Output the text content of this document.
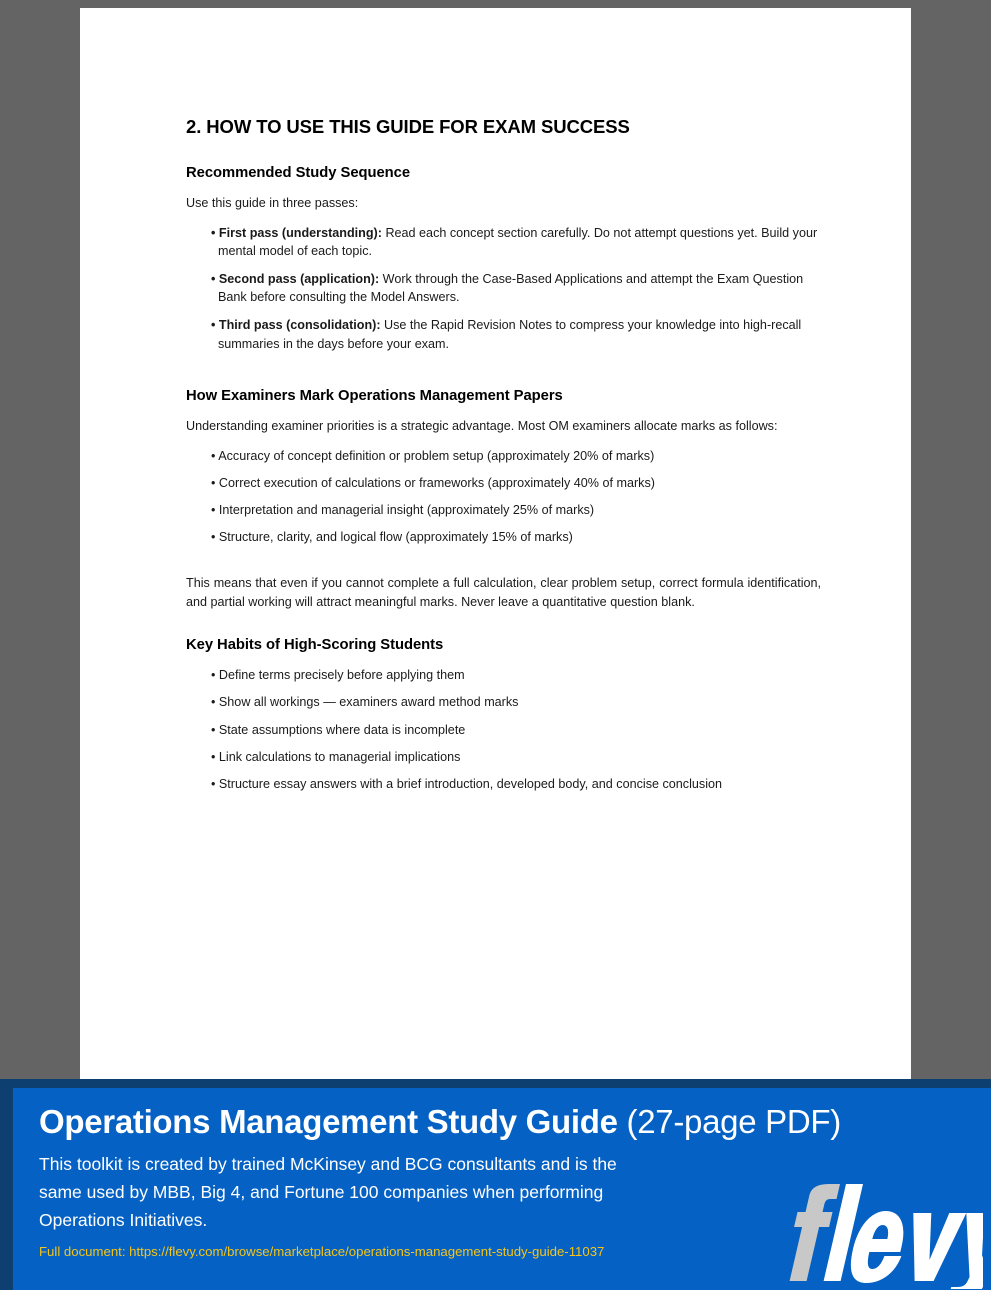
2. HOW TO USE THIS GUIDE FOR EXAM SUCCESS
Recommended Study Sequence
Use this guide in three passes:
• First pass (understanding): Read each concept section carefully. Do not attempt questions yet. Build your mental model of each topic.
• Second pass (application): Work through the Case-Based Applications and attempt the Exam Question Bank before consulting the Model Answers.
• Third pass (consolidation): Use the Rapid Revision Notes to compress your knowledge into high-recall summaries in the days before your exam.
How Examiners Mark Operations Management Papers
Understanding examiner priorities is a strategic advantage. Most OM examiners allocate marks as follows:
• Accuracy of concept definition or problem setup (approximately 20% of marks)
• Correct execution of calculations or frameworks (approximately 40% of marks)
• Interpretation and managerial insight (approximately 25% of marks)
• Structure, clarity, and logical flow (approximately 15% of marks)
This means that even if you cannot complete a full calculation, clear problem setup, correct formula identification, and partial working will attract meaningful marks. Never leave a quantitative question blank.
Key Habits of High-Scoring Students
• Define terms precisely before applying them
• Show all workings — examiners award method marks
• State assumptions where data is incomplete
• Link calculations to managerial implications
• Structure essay answers with a brief introduction, developed body, and concise conclusion
Operations Management Study Guide (27-page PDF)
This toolkit is created by trained McKinsey and BCG consultants and is the same used by MBB, Big 4, and Fortune 100 companies when performing Operations Initiatives.
Full document: https://flevy.com/browse/marketplace/operations-management-study-guide-11037
